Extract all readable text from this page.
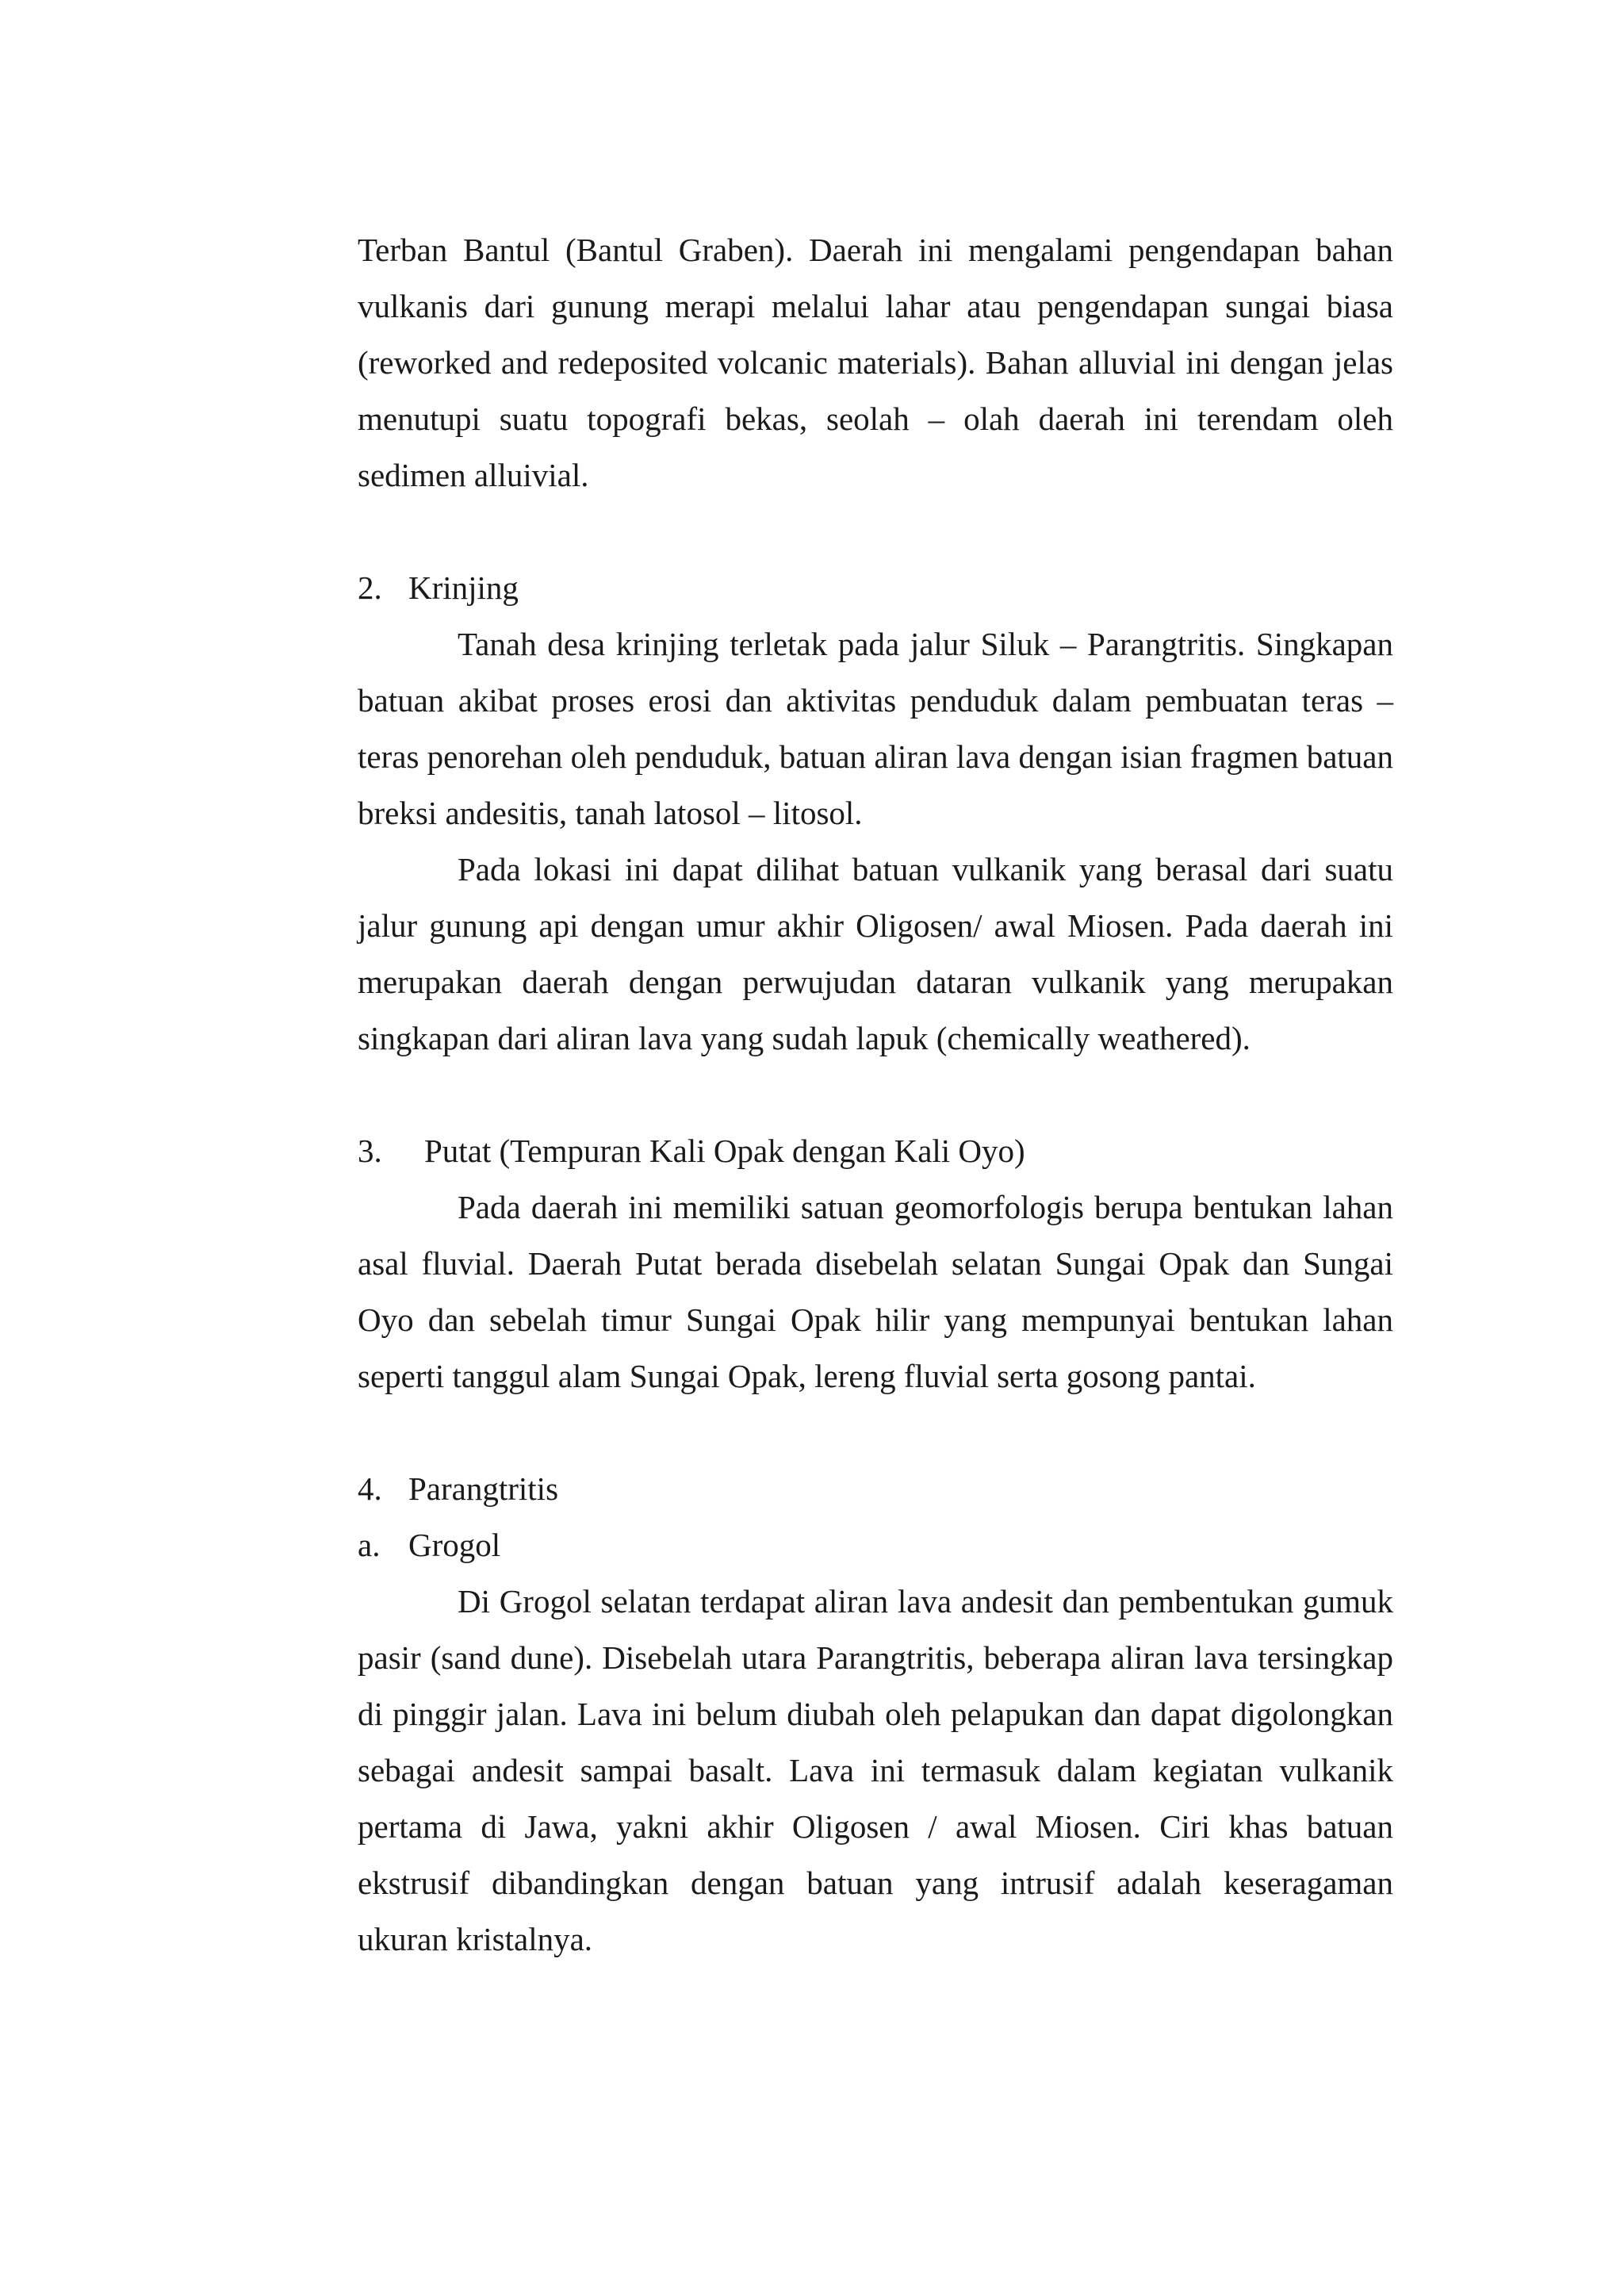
Terban Bantul (Bantul Graben). Daerah ini mengalami pengendapan bahan vulkanis dari gunung merapi melalui lahar atau pengendapan sungai biasa (reworked and redeposited volcanic materials). Bahan alluvial ini dengan jelas menutupi suatu topografi bekas, seolah – olah daerah ini terendam oleh sedimen alluivial.

2. Krinjing

Tanah desa krinjing terletak pada jalur Siluk – Parangtritis. Singkapan batuan akibat proses erosi dan aktivitas penduduk dalam pembuatan teras – teras penorehan oleh penduduk, batuan aliran lava dengan isian fragmen batuan breksi andesitis, tanah latosol – litosol.

Pada lokasi ini dapat dilihat batuan vulkanik yang berasal dari suatu jalur gunung api dengan umur akhir Oligosen/ awal Miosen. Pada daerah ini merupakan daerah dengan perwujudan dataran vulkanik yang merupakan singkapan dari aliran lava yang sudah lapuk (chemically weathered).

3.	Putat (Tempuran Kali Opak dengan Kali Oyo)

Pada daerah ini memiliki satuan geomorfologis berupa bentukan lahan asal fluvial. Daerah Putat berada disebelah selatan Sungai Opak dan Sungai Oyo dan sebelah timur Sungai Opak hilir yang mempunyai bentukan lahan seperti tanggul alam Sungai Opak, lereng fluvial serta gosong pantai.

4. Parangtritis
a. Grogol

Di Grogol selatan terdapat aliran lava andesit dan pembentukan gumuk pasir (sand dune). Disebelah utara Parangtritis, beberapa aliran lava tersingkap di pinggir jalan. Lava ini belum diubah oleh pelapukan dan dapat digolongkan sebagai andesit sampai basalt. Lava ini termasuk dalam kegiatan vulkanik pertama di Jawa, yakni akhir Oligosen / awal Miosen. Ciri khas batuan ekstrusif dibandingkan dengan batuan yang intrusif adalah keseragaman ukuran kristalnya.
